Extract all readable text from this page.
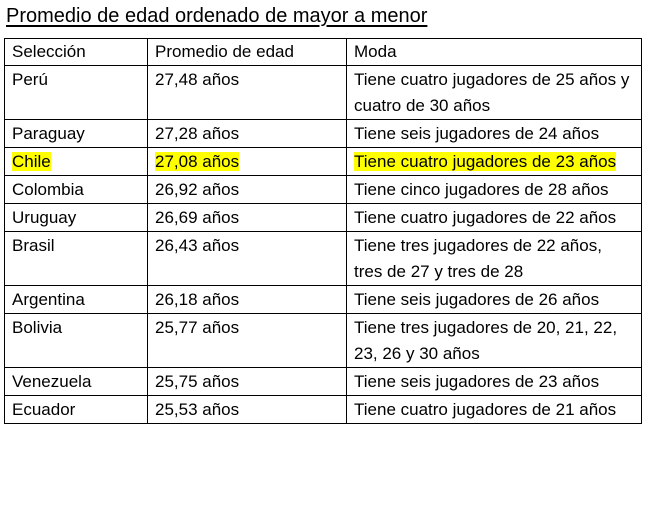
Promedio de edad ordenado de mayor a menor
Selección	Promedio de edad	Moda
Perú	27,48 años	Tiene cuatro jugadores de 25 años y cuatro de 30 años
Paraguay	27,28 años	Tiene seis jugadores de 24 años
Chile	27,08 años	Tiene cuatro jugadores de 23 años
Colombia	26,92 años	Tiene cinco jugadores de 28 años
Uruguay	26,69 años	Tiene cuatro jugadores de 22 años
Brasil	26,43 años	Tiene tres jugadores de 22 años, tres de 27 y tres de 28
Argentina	26,18 años	Tiene seis jugadores de 26 años
Bolivia	25,77 años	Tiene tres jugadores de 20, 21, 22, 23, 26 y 30 años
Venezuela	25,75 años	Tiene seis jugadores de 23 años
Ecuador	25,53 años	Tiene cuatro jugadores de 21 años
